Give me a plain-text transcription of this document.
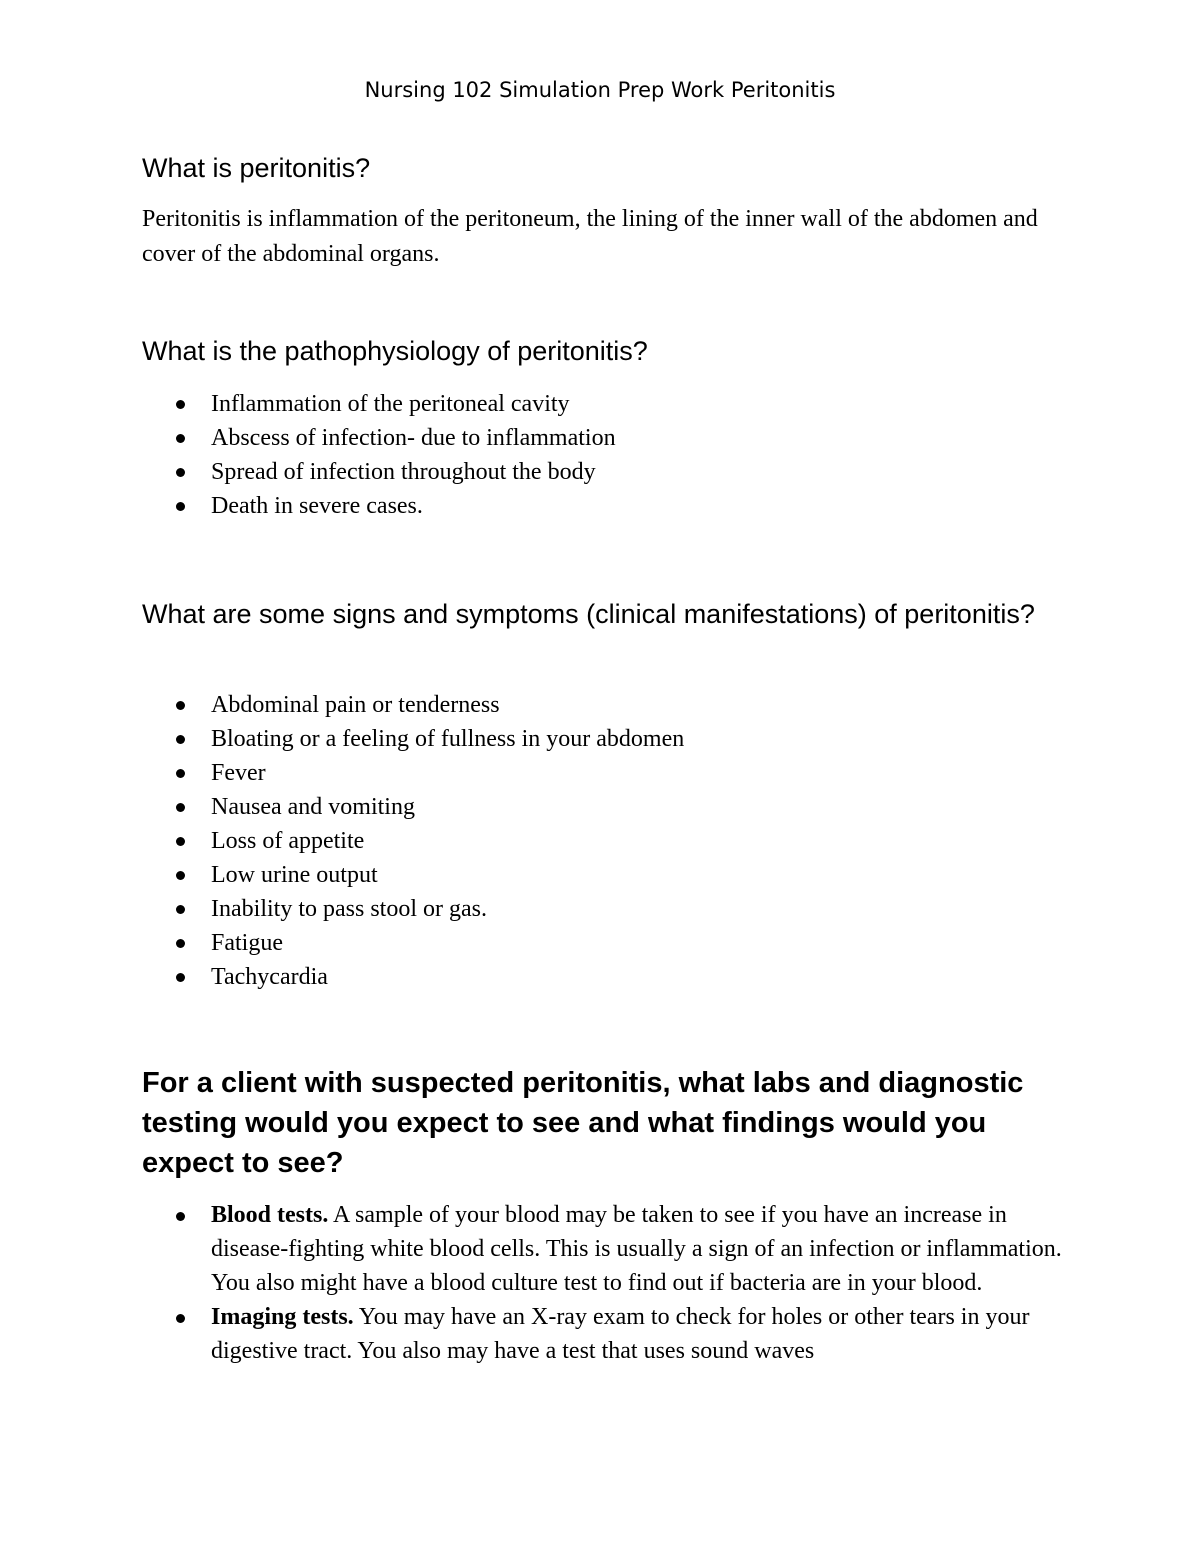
Nursing 102 Simulation Prep Work Peritonitis
What is peritonitis?

Peritonitis is inflammation of the peritoneum, the lining of the inner wall of the abdomen and cover of the abdominal organs.

What is the pathophysiology of peritonitis?
Inflammation of the peritoneal cavity
Abscess of infection- due to inflammation
Spread of infection throughout the body
Death in severe cases.
What are some signs and symptoms (clinical manifestations) of peritonitis?
Abdominal pain or tenderness
Bloating or a feeling of fullness in your abdomen
Fever
Nausea and vomiting
Loss of appetite
Low urine output
Inability to pass stool or gas.
Fatigue
Tachycardia
For a client with suspected peritonitis, what labs and diagnostic testing would you expect to see and what findings would you expect to see?
Blood tests. A sample of your blood may be taken to see if you have an increase in disease-fighting white blood cells. This is usually a sign of an infection or inflammation. You also might have a blood culture test to find out if bacteria are in your blood.
Imaging tests. You may have an X-ray exam to check for holes or other tears in your digestive tract. You also may have a test that uses sound waves
